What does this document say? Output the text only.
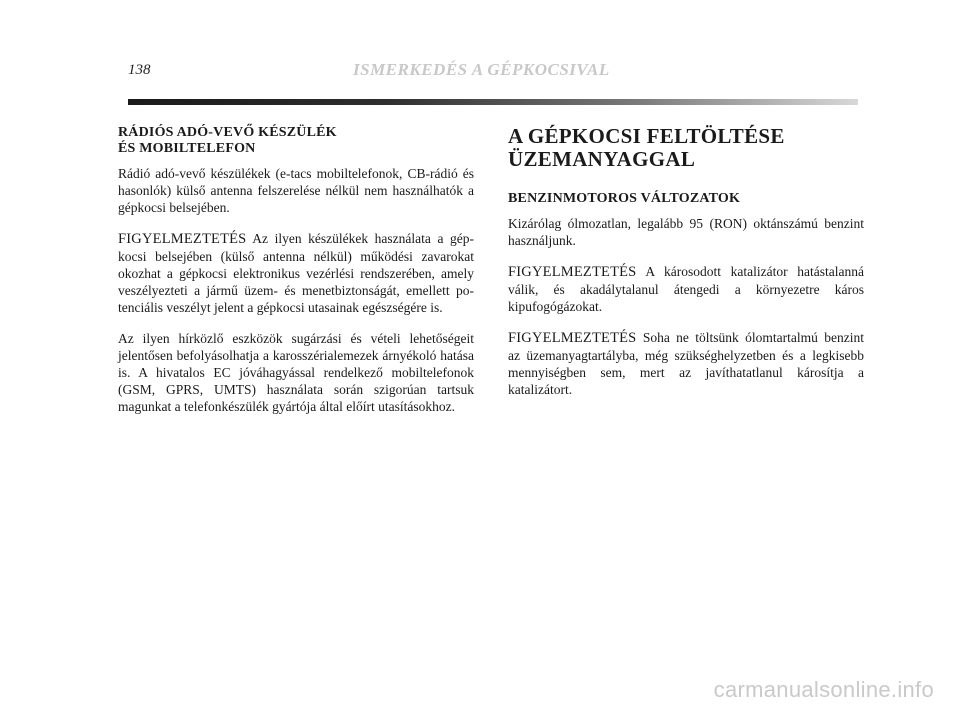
138	ISMERKEDÉS A GÉPKOCSIVAL
RÁDIÓS ADÓ-VEVŐ KÉSZÜLÉK
ÉS MOBILTELEFON

Rádió adó-vevő készülékek (e-tacs mobiltelefonok, CB-rádió és hasonlók) külső antenna felszerelése nélkül nem használhatók a gépkocsi belsejében.

FIGYELMEZTETÉS Az ilyen készülékek használata a gépkocsi belsejében (külső antenna nélkül) működési zavarokat okozhat a gépkocsi elektronikus vezérlési rendszerében, amely veszélyezteti a jármű üzem- és menetbiztonságát, emellett potenciális veszélyt jelent a gépkocsi utasainak egészségére is.

Az ilyen hírközlő eszközök sugárzási és vételi lehetőségeit jelentősen befolyásolhatja a karosszérialemezek árnyékoló hatása is. A hivatalos EC jóváhagyással rendelkező mobiltelefonok (GSM, GPRS, UMTS) használata során szigorúan tartsuk magunkat a telefonkészülék gyártója által előírt utasításokhoz.

A GÉPKOCSI FELTÖLTÉSE
ÜZEMANYAGGAL
BENZINMOTOROS VÁLTOZATOK

Kizárólag ólmozatlan, legalább 95 (RON) oktánszámú benzint használjunk.

FIGYELMEZTETÉS A károsodott katalizátor hatástalanná válik, és akadálytalanul átengedi a környezetre káros kipufogógázokat.

FIGYELMEZTETÉS Soha ne töltsünk ólomtartalmú benzint az üzemanyagtartályba, még szükséghelyzetben és a legkisebb mennyiségben sem, mert az javíthatatlanul károsítja a katalizátort.

carmanualsonline.info
